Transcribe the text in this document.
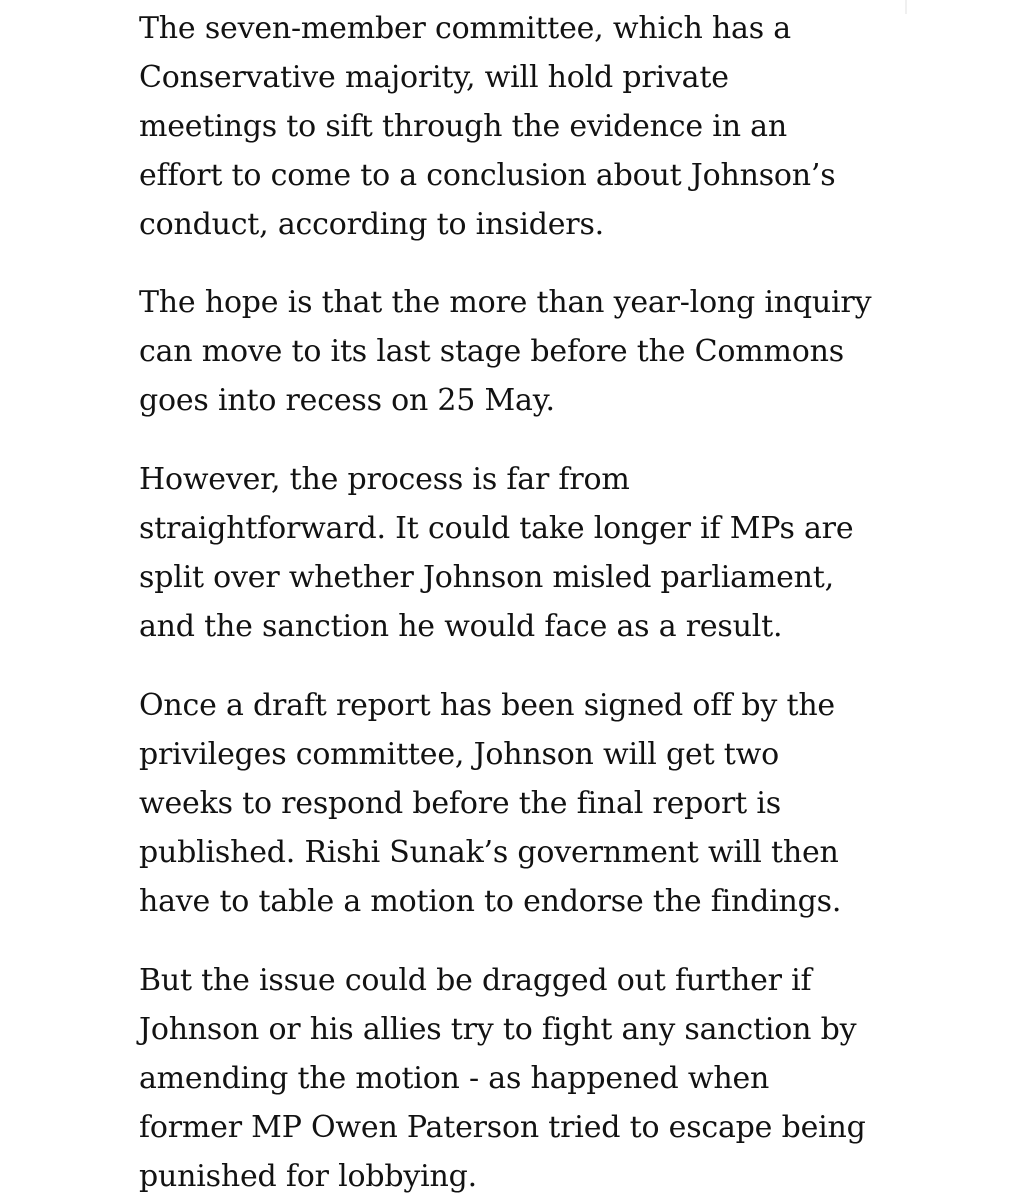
The seven-member committee, which has a
Conservative majority, will hold private
meetings to sift through the evidence in an
effort to come to a conclusion about Johnson’s
conduct, according to insiders.

The hope is that the more than year-long inquiry
can move to its last stage before the Commons
goes into recess on 25 May.

However, the process is far from
straightforward. It could take longer if MPs are
split over whether Johnson misled parliament,
and the sanction he would face as a result.

Once a draft report has been signed off by the
privileges committee, Johnson will get two
weeks to respond before the final report is
published. Rishi Sunak’s government will then
have to table a motion to endorse the findings.

But the issue could be dragged out further if
Johnson or his allies try to fight any sanction by
amending the motion - as happened when
former MP Owen Paterson tried to escape being
punished for lobbying.
